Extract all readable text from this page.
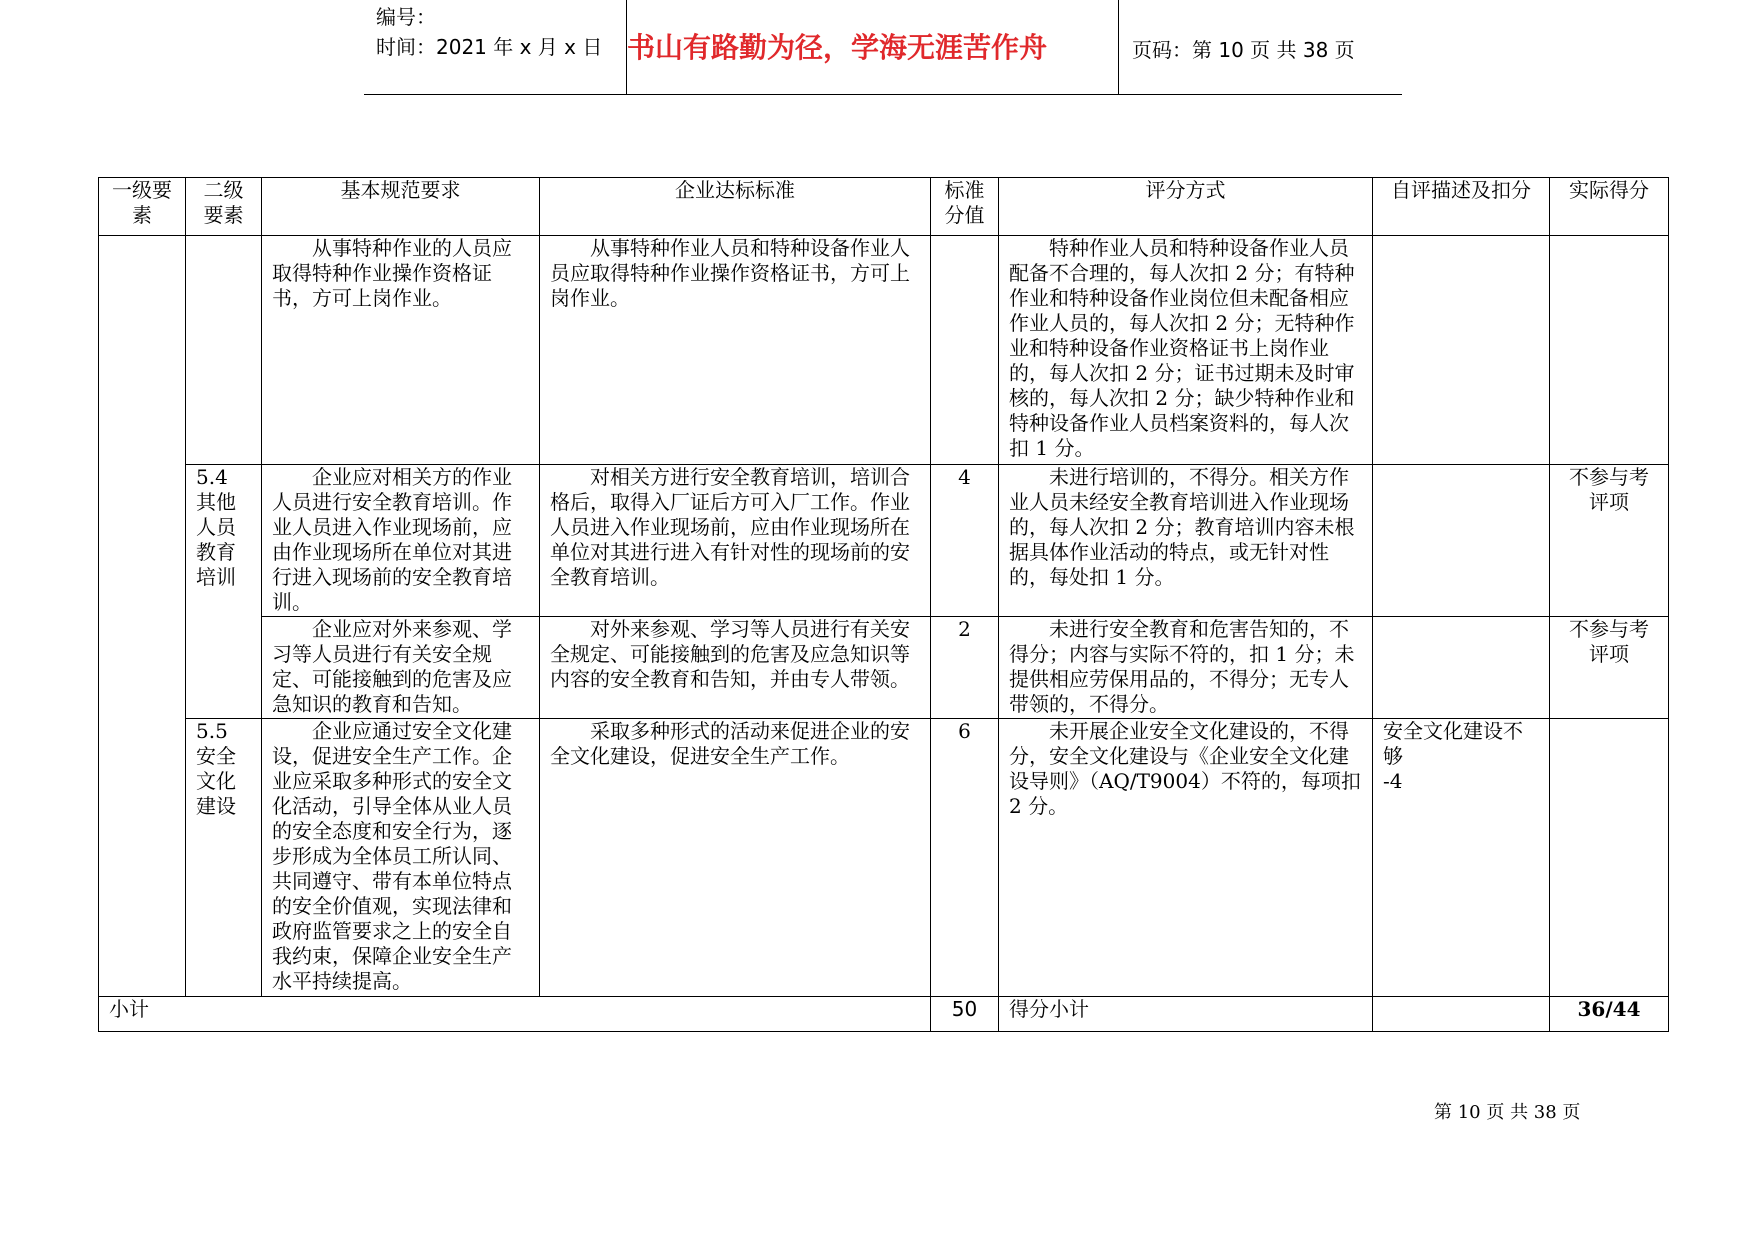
编号：
时间：2021 年 x 月 x 日 书山有路勤为径，学海无涯苦作舟	页码：第 10 页 共 38 页
一级要素	二级要素	基本规范要求	企业达标标准	标准分值	评分方式	自评描述及扣分	实际得分
		从事特种作业的人员应取得特种作业操作资格证书，方可上岗作业。	从事特种作业人员和特种设备作业人员应取得特种作业操作资格证书，方可上岗作业。		特种作业人员和特种设备作业人员配备不合理的，每人次扣 2 分；有特种作业和特种设备作业岗位但未配备相应作业人员的，每人次扣 2 分；无特种作业和特种设备作业资格证书上岗作业的，每人次扣 2 分；证书过期未及时审核的，每人次扣 2 分；缺少特种作业和特种设备作业人员档案资料的，每人次扣 1 分。		
	5.4 其他人员教育培训	企业应对相关方的作业人员进行安全教育培训。作业人员进入作业现场前，应由作业现场所在单位对其进行进入现场前的安全教育培训。	对相关方进行安全教育培训，培训合格后，取得入厂证后方可入厂工作。作业人员进入作业现场前，应由作业现场所在单位对其进行进入有针对性的现场前的安全教育培训。	4	未进行培训的，不得分。相关方作业人员未经安全教育培训进入作业现场的，每人次扣 2 分；教育培训内容未根据具体作业活动的特点，或无针对性的，每处扣 1 分。		不参与考评项
		企业应对外来参观、学习等人员进行有关安全规定、可能接触到的危害及应急知识的教育和告知。	对外来参观、学习等人员进行有关安全规定、可能接触到的危害及应急知识等内容的安全教育和告知，并由专人带领。	2	未进行安全教育和危害告知的，不得分；内容与实际不符的，扣 1 分；未提供相应劳保用品的，不得分；无专人带领的，不得分。		不参与考评项
	5.5 安全文化建设	企业应通过安全文化建设，促进安全生产工作。企业应采取多种形式的安全文化活动，引导全体从业人员的安全态度和安全行为，逐步形成为全体员工所认同、共同遵守、带有本单位特点的安全价值观，实现法律和政府监管要求之上的安全自我约束，保障企业安全生产水平持续提高。	采取多种形式的活动来促进企业的安全文化建设，促进安全生产工作。	6	未开展企业安全文化建设的，不得分，安全文化建设与《企业安全文化建设导则》（AQ/T9004）不符的，每项扣 2 分。	安全文化建设不够
-4	

小计				50	得分小计		36/44
第 10 页 共 38 页
